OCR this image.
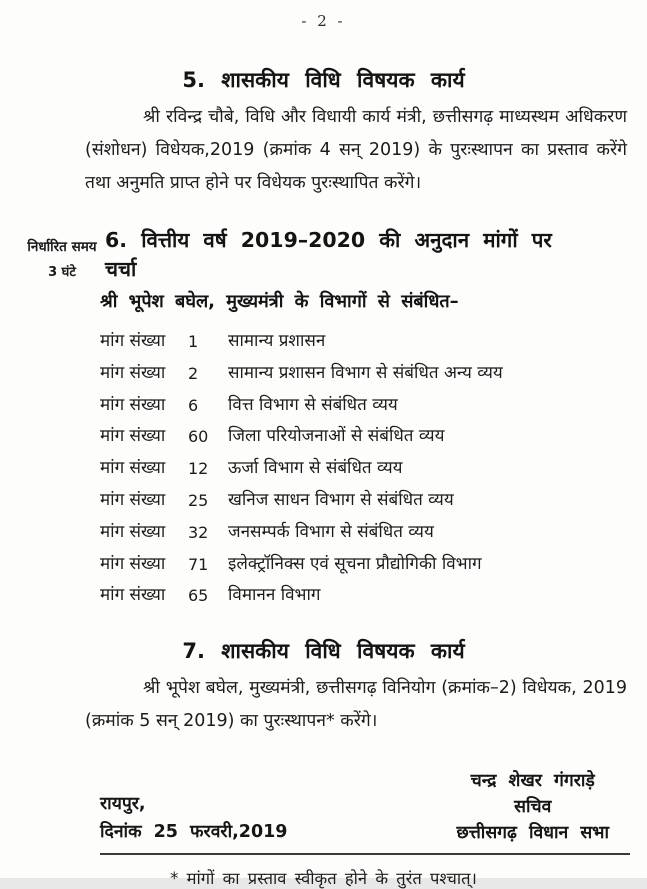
- 2 -
5. शासकीय विधि विषयक कार्य

श्री रविन्द्र चौबे, विधि और विधायी कार्य मंत्री, छत्तीसगढ़ माध्यस्थम अधिकरण (संशोधन) विधेयक,2019 (क्रमांक 4 सन् 2019) के पुरःस्थापन का प्रस्ताव करेंगे तथा अनुमति प्राप्त होने पर विधेयक पुरःस्थापित करेंगे।

निर्धारित समय
3 घंटे
6. वित्तीय वर्ष 2019–2020 की अनुदान मांगों पर चर्चा
श्री भूपेश बघेल, मुख्यमंत्री के विभागों से संबंधित–
मांग संख्या	1	सामान्य प्रशासन
मांग संख्या	2	सामान्य प्रशासन विभाग से संबंधित अन्य व्यय
मांग संख्या	6	वित्त विभाग से संबंधित व्यय
मांग संख्या	60	जिला परियोजनाओं से संबंधित व्यय
मांग संख्या	12	ऊर्जा विभाग से संबंधित व्यय
मांग संख्या	25	खनिज साधन विभाग से संबंधित व्यय
मांग संख्या	32	जनसम्पर्क विभाग से संबंधित व्यय
मांग संख्या	71	इलेक्ट्रॉनिक्स एवं सूचना प्रौद्योगिकी विभाग
मांग संख्या	65	विमानन विभाग
7. शासकीय विधि विषयक कार्य

श्री भूपेश बघेल, मुख्यमंत्री, छत्तीसगढ़ विनियोग (क्रमांक–2) विधेयक, 2019 (क्रमांक 5 सन् 2019) का पुरःस्थापन* करेंगे।

रायपुर,
दिनांक 25 फरवरी,2019
चन्द्र शेखर गंगराड़े
सचिव
छत्तीसगढ़ विधान सभा
* मांगों का प्रस्ताव स्वीकृत होने के तुरंत पश्चात्।
